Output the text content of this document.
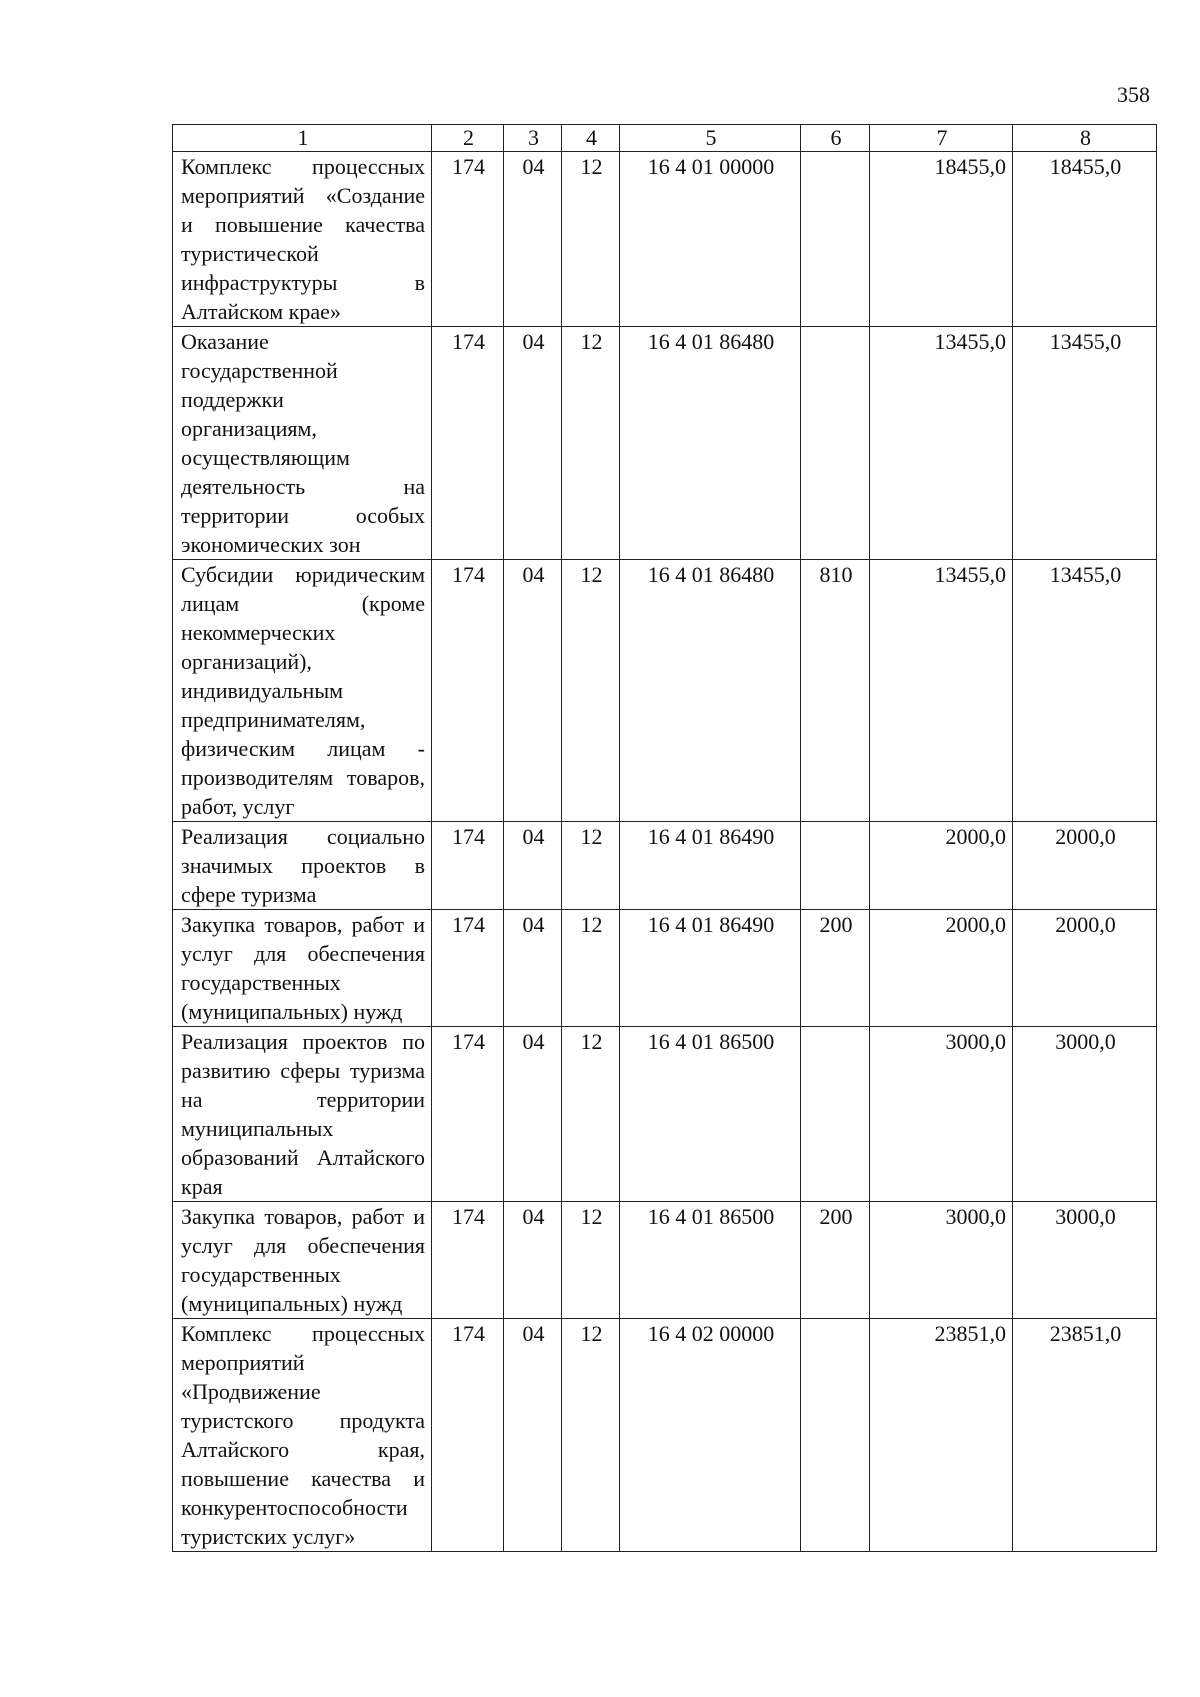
358
1	2	3	4	5	6	7	8
Комплекс процессных мероприятий «Создание и повышение качества туристической инфраструктуры в Алтайском крае»	174	04	12	16 4 01 00000		18455,0	18455,0
Оказание государственной поддержки организациям, осуществляющим деятельность на территории особых экономических зон	174	04	12	16 4 01 86480		13455,0	13455,0
Субсидии юридическим лицам (кроме некоммерческих организаций), индивидуальным предпринимателям, физическим лицам - производителям товаров, работ, услуг	174	04	12	16 4 01 86480	810	13455,0	13455,0
Реализация социально значимых проектов в сфере туризма	174	04	12	16 4 01 86490		2000,0	2000,0
Закупка товаров, работ и услуг для обеспечения государственных (муниципальных) нужд	174	04	12	16 4 01 86490	200	2000,0	2000,0
Реализация проектов по развитию сферы туризма на территории муниципальных образований Алтайского края	174	04	12	16 4 01 86500		3000,0	3000,0
Закупка товаров, работ и услуг для обеспечения государственных (муниципальных) нужд	174	04	12	16 4 01 86500	200	3000,0	3000,0
Комплекс процессных мероприятий «Продвижение туристского продукта Алтайского края, повышение качества и конкурентоспособности туристских услуг»	174	04	12	16 4 02 00000		23851,0	23851,0
